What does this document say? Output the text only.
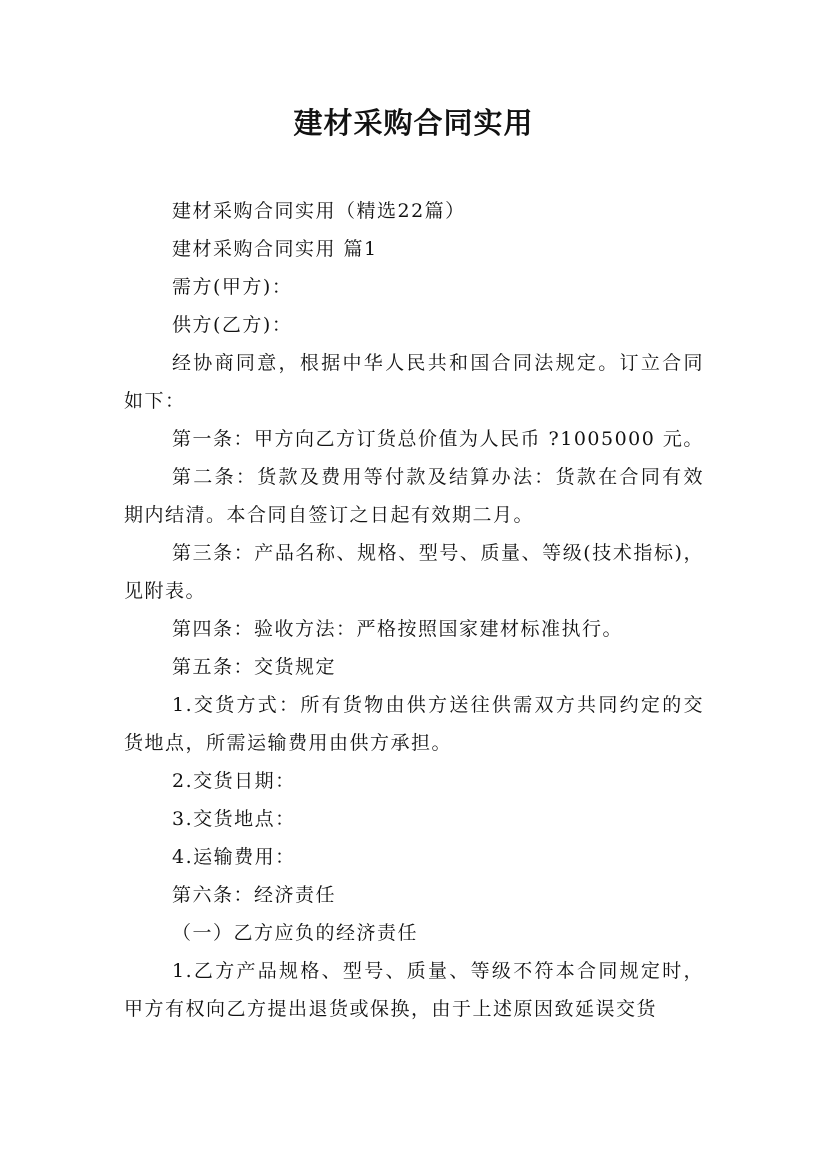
建材采购合同实用

建材采购合同实用（精选22篇）

建材采购合同实用 篇1

需方(甲方)：

供方(乙方)：

经协商同意，根据中华人民共和国合同法规定。订立合同如下：

第一条：甲方向乙方订货总价值为人民币 ?1005000 元。

第二条：货款及费用等付款及结算办法：货款在合同有效期内结清。本合同自签订之日起有效期二月。

第三条：产品名称、规格、型号、质量、等级(技术指标)，见附表。

第四条：验收方法：严格按照国家建材标准执行。

第五条：交货规定

1.交货方式：所有货物由供方送往供需双方共同约定的交货地点，所需运输费用由供方承担。

2.交货日期：

3.交货地点：

4.运输费用：

第六条：经济责任

（一）乙方应负的经济责任

1.乙方产品规格、型号、质量、等级不符本合同规定时，甲方有权向乙方提出退货或保换，由于上述原因致延误交货
